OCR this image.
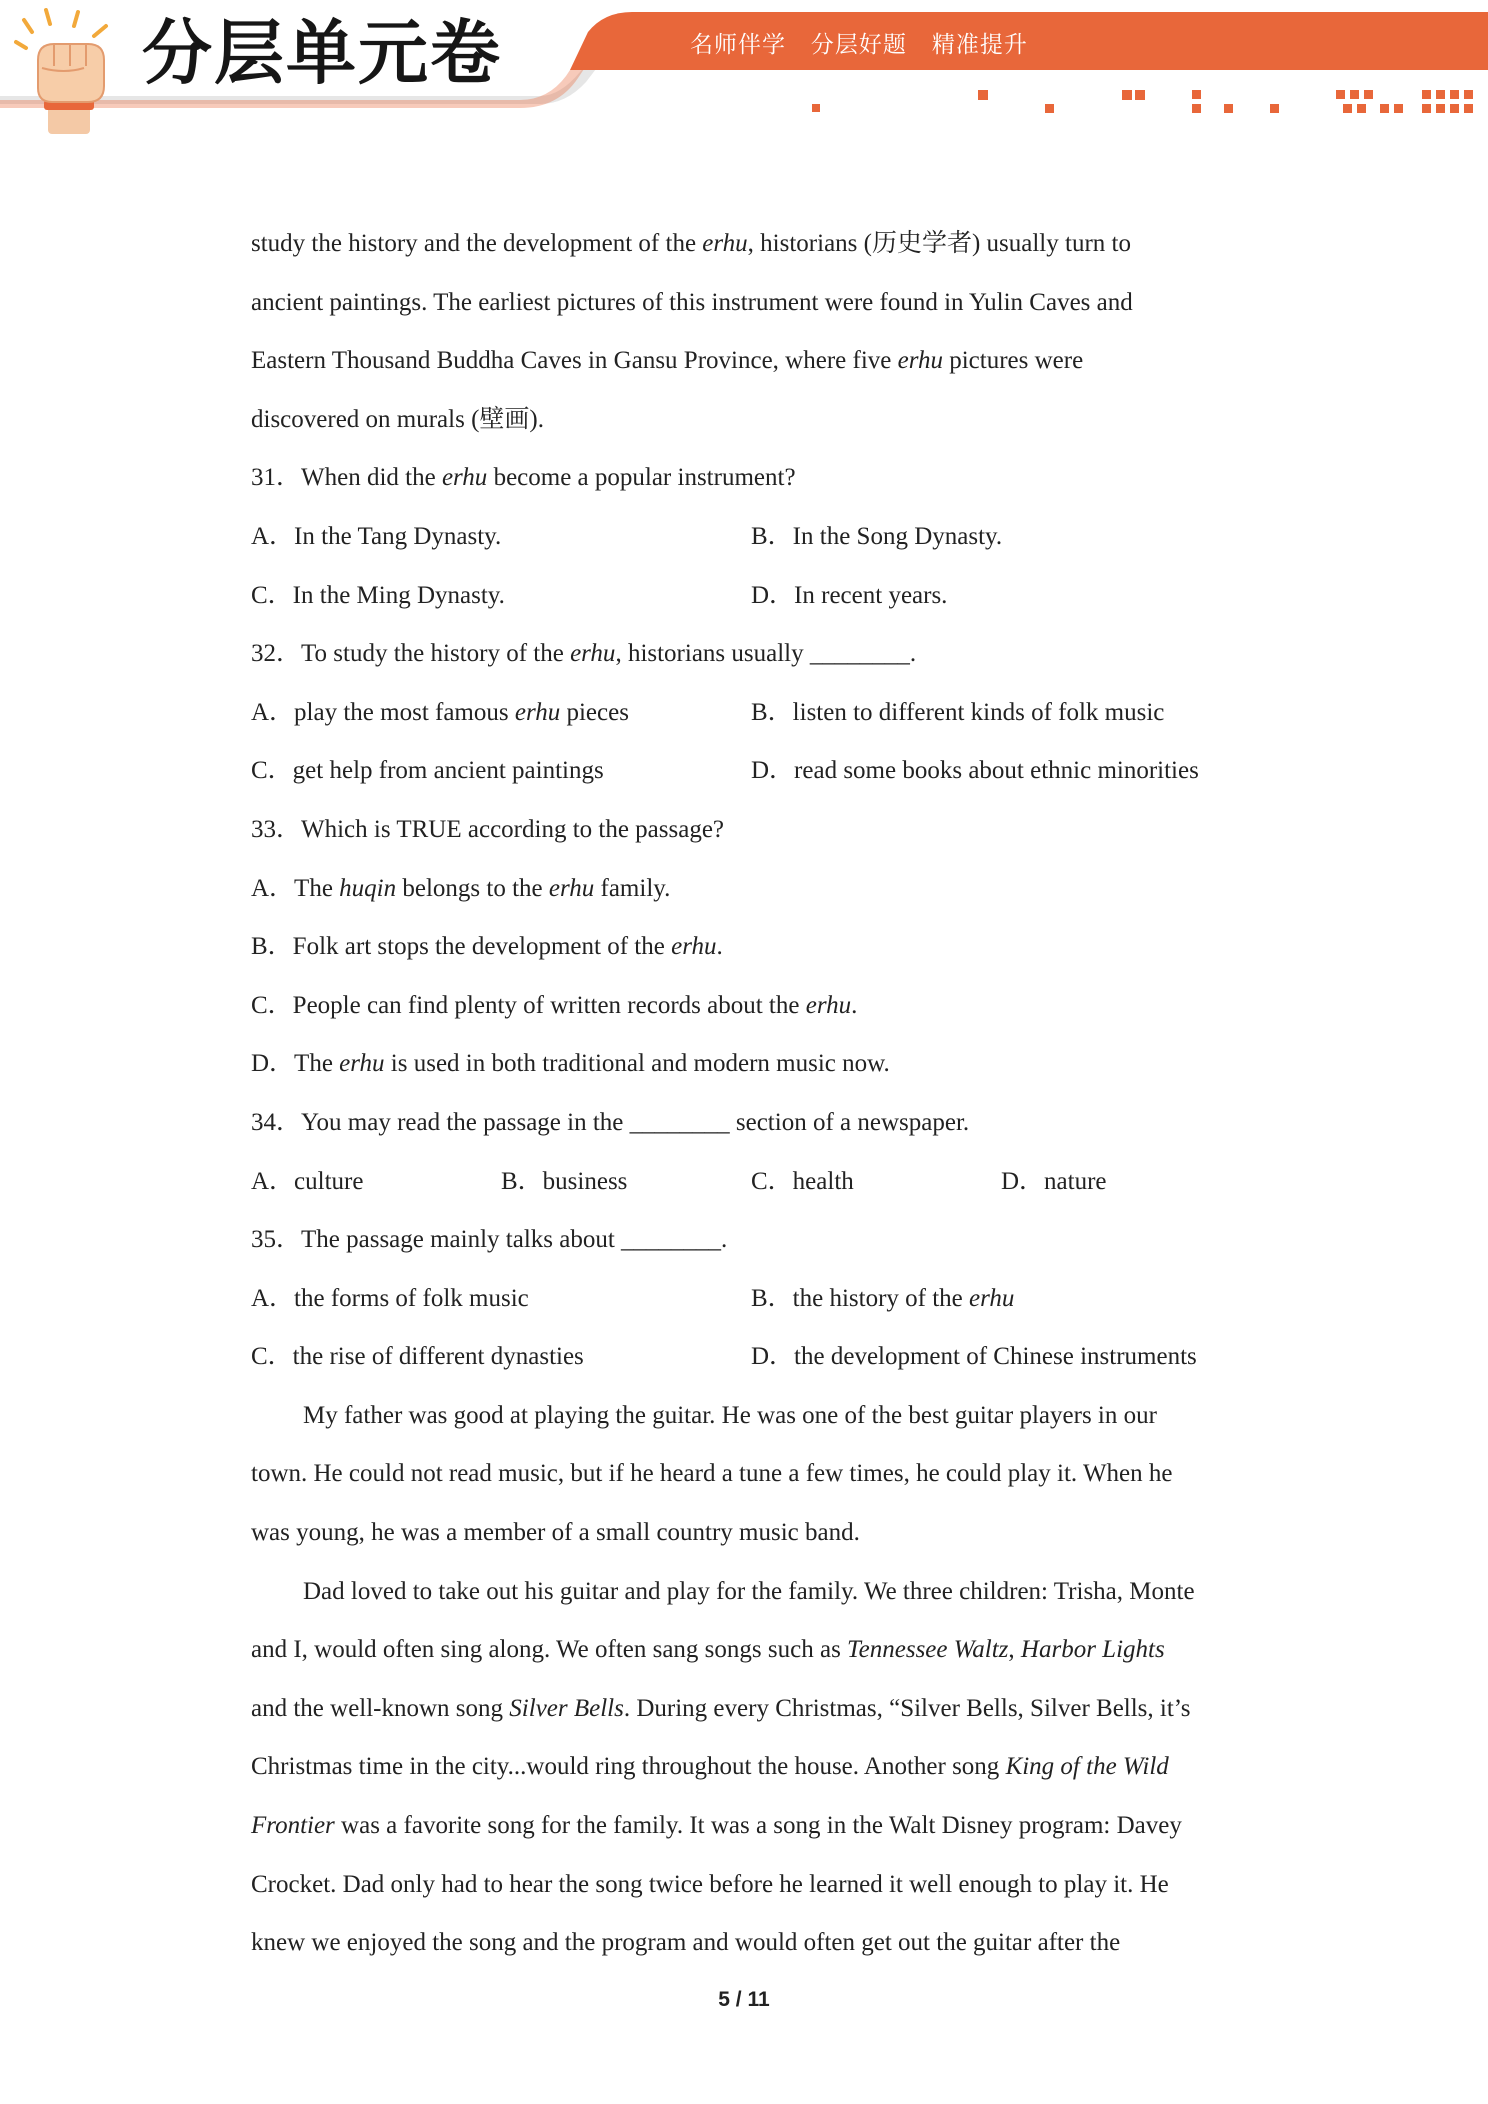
分层单元卷	名师伴学   分层好题   精准提升
study the history and the development of the erhu, historians (历史学者) usually turn to
ancient paintings. The earliest pictures of this instrument were found in Yulin Caves and
Eastern Thousand Buddha Caves in Gansu Province, where five erhu pictures were
discovered on murals (壁画).
31．When did the erhu become a popular instrument?
A．In the Tang Dynasty.	B．In the Song Dynasty.
C．In the Ming Dynasty.	D．In recent years.
32．To study the history of the erhu, historians usually ________.
A．play the most famous erhu pieces	B．listen to different kinds of folk music
C．get help from ancient paintings	D．read some books about ethnic minorities
33．Which is TRUE according to the passage?
A．The huqin belongs to the erhu family.
B．Folk art stops the development of the erhu.
C．People can find plenty of written records about the erhu.
D．The erhu is used in both traditional and modern music now.
34．You may read the passage in the ________ section of a newspaper.
A．culture	B．business	C．health	D．nature
35．The passage mainly talks about ________.
A．the forms of folk music	B．the history of the erhu
C．the rise of different dynasties	D．the development of Chinese instruments
My father was good at playing the guitar. He was one of the best guitar players in our
town. He could not read music, but if he heard a tune a few times, he could play it. When he
was young, he was a member of a small country music band.
Dad loved to take out his guitar and play for the family. We three children: Trisha, Monte
and I, would often sing along. We often sang songs such as Tennessee Waltz, Harbor Lights
and the well-known song Silver Bells. During every Christmas, “Silver Bells, Silver Bells, it’s
Christmas time in the city...would ring throughout the house. Another song King of the Wild
Frontier was a favorite song for the family. It was a song in the Walt Disney program: Davey
Crocket. Dad only had to hear the song twice before he learned it well enough to play it. He
knew we enjoyed the song and the program and would often get out the guitar after the
5 / 11
